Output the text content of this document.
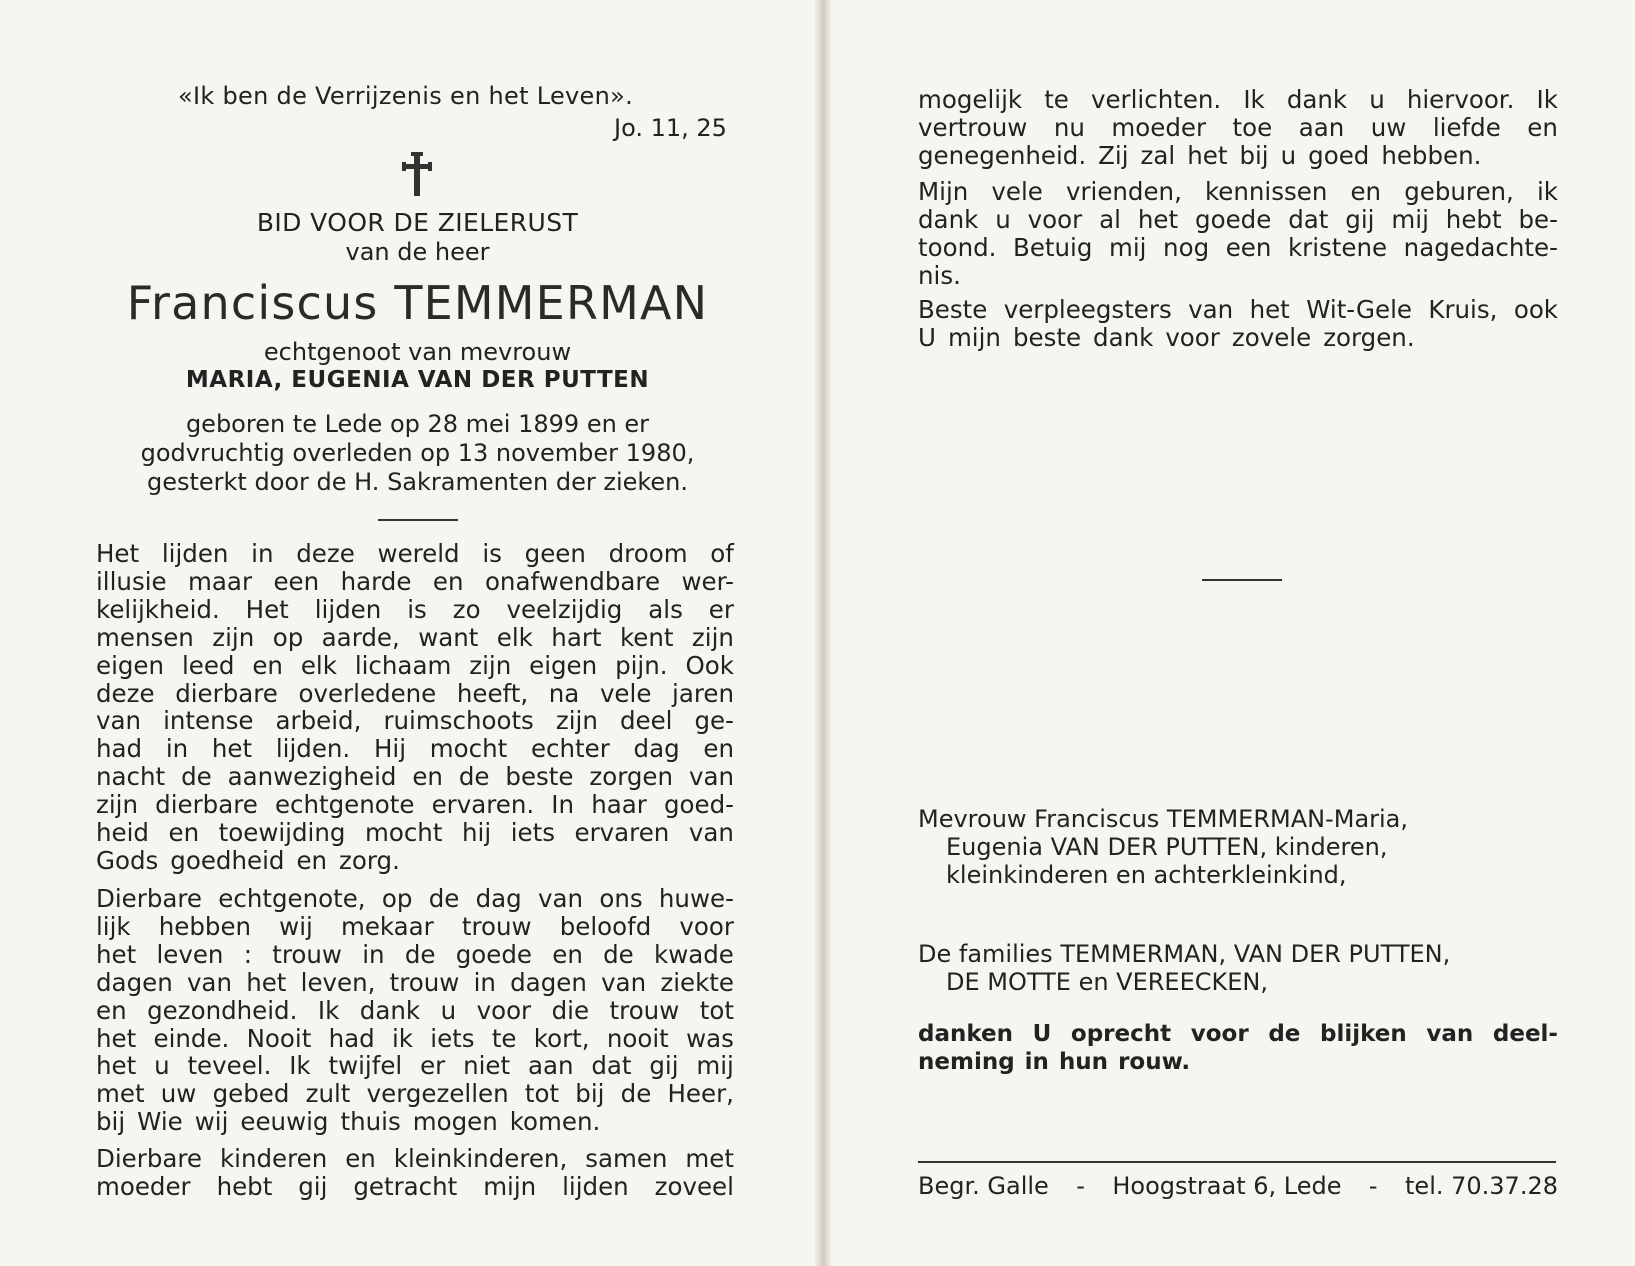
«Ik ben de Verrijzenis en het Leven».
Jo. 11, 25
BID VOOR DE ZIELERUST
van de heer
Franciscus TEMMERMAN
echtgenoot van mevrouw
MARIA, EUGENIA VAN DER PUTTEN
geboren te Lede op 28 mei 1899 en er
godvruchtig overleden op 13 november 1980,
gesterkt door de H. Sakramenten der zieken.
Het lijden in deze wereld is geen droom of
illusie maar een harde en onafwendbare wer-
kelijkheid. Het lijden is zo veelzijdig als er
mensen zijn op aarde, want elk hart kent zijn
eigen leed en elk lichaam zijn eigen pijn. Ook
deze dierbare overledene heeft, na vele jaren
van intense arbeid, ruimschoots zijn deel ge-
had in het lijden. Hij mocht echter dag en
nacht de aanwezigheid en de beste zorgen van
zijn dierbare echtgenote ervaren. In haar goed-
heid en toewijding mocht hij iets ervaren van
Gods goedheid en zorg.
Dierbare echtgenote, op de dag van ons huwe-
lijk hebben wij mekaar trouw beloofd voor
het leven : trouw in de goede en de kwade
dagen van het leven, trouw in dagen van ziekte
en gezondheid. Ik dank u voor die trouw tot
het einde. Nooit had ik iets te kort, nooit was
het u teveel. Ik twijfel er niet aan dat gij mij
met uw gebed zult vergezellen tot bij de Heer,
bij Wie wij eeuwig thuis mogen komen.
Dierbare kinderen en kleinkinderen, samen met
moeder hebt gij getracht mijn lijden zoveel
mogelijk te verlichten. Ik dank u hiervoor. Ik
vertrouw nu moeder toe aan uw liefde en
genegenheid. Zij zal het bij u goed hebben.
Mijn vele vrienden, kennissen en geburen, ik
dank u voor al het goede dat gij mij hebt be-
toond. Betuig mij nog een kristene nagedachte-
nis.
Beste verpleegsters van het Wit-Gele Kruis, ook
U mijn beste dank voor zovele zorgen.
Mevrouw Francisсus TEMMERMAN-Maria,
Eugenia VAN DER PUTTEN, kinderen,
kleinkinderen en achterkleinkind,
De families TEMMERMAN, VAN DER PUTTEN,
DE MOTTE en VEREECKEN,
danken U oprecht voor de blijken van deel-
neming in hun rouw.
Begr. Galle - Hoogstraat 6, Lede - tel. 70.37.28
